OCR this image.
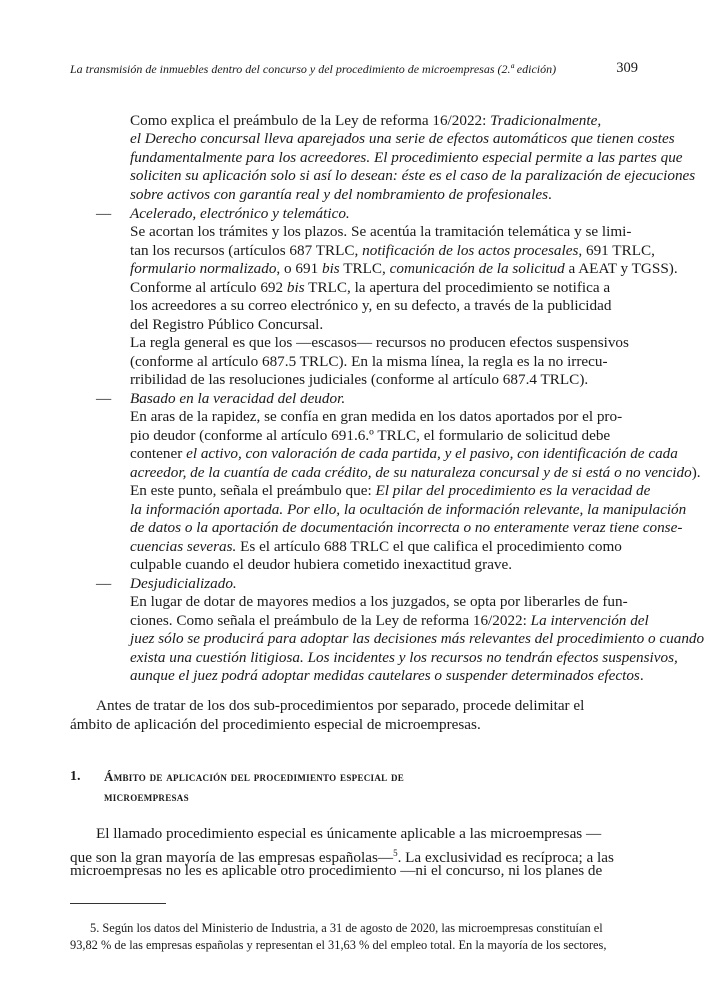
La transmisión de inmuebles dentro del concurso y del procedimiento de microempresas (2.ª edición)	309
Como explica el preámbulo de la Ley de reforma 16/2022: Tradicionalmente,
el Derecho concursal lleva aparejados una serie de efectos automáticos que tienen costes
fundamentalmente para los acreedores. El procedimiento especial permite a las partes que
soliciten su aplicación solo si así lo desean: éste es el caso de la paralización de ejecuciones
sobre activos con garantía real y del nombramiento de profesionales.
— Acelerado, electrónico y telemático.
Se acortan los trámites y los plazos. Se acentúa la tramitación telemática y se limi-
tan los recursos (artículos 687 TRLC, notificación de los actos procesales, 691 TRLC,
formulario normalizado, o 691 bis TRLC, comunicación de la solicitud a AEAT y TGSS).
Conforme al artículo 692 bis TRLC, la apertura del procedimiento se notifica a
los acreedores a su correo electrónico y, en su defecto, a través de la publicidad
del Registro Público Concursal.
La regla general es que los —escasos— recursos no producen efectos suspensivos
(conforme al artículo 687.5 TRLC). En la misma línea, la regla es la no irrecu-
rribilidad de las resoluciones judiciales (conforme al artículo 687.4 TRLC).
— Basado en la veracidad del deudor.
En aras de la rapidez, se confía en gran medida en los datos aportados por el pro-
pio deudor (conforme al artículo 691.6.º TRLC, el formulario de solicitud debe
contener el activo, con valoración de cada partida, y el pasivo, con identificación de cada
acreedor, de la cuantía de cada crédito, de su naturaleza concursal y de si está o no vencido).
En este punto, señala el preámbulo que: El pilar del procedimiento es la veracidad de
la información aportada. Por ello, la ocultación de información relevante, la manipulación
de datos o la aportación de documentación incorrecta o no enteramente veraz tiene conse-
cuencias severas. Es el artículo 688 TRLC el que califica el procedimiento como
culpable cuando el deudor hubiera cometido inexactitud grave.
— Desjudicializado.
En lugar de dotar de mayores medios a los juzgados, se opta por liberarles de fun-
ciones. Como señala el preámbulo de la Ley de reforma 16/2022: La intervención del
juez sólo se producirá para adoptar las decisiones más relevantes del procedimiento o cuando
exista una cuestión litigiosa. Los incidentes y los recursos no tendrán efectos suspensivos,
aunque el juez podrá adoptar medidas cautelares o suspender determinados efectos.
Antes de tratar de los dos sub-procedimientos por separado, procede delimitar el
ámbito de aplicación del procedimiento especial de microempresas.
1. Ámbito de aplicación del procedimiento especial de
microempresas
El llamado procedimiento especial es únicamente aplicable a las microempresas —
que son la gran mayoría de las empresas españolas—$^5$. La exclusividad es recíproca; a las
microempresas no les es aplicable otro procedimiento —ni el concurso, ni los planes de
5. Según los datos del Ministerio de Industria, a 31 de agosto de 2020, las microempresas constituían el
93,82 % de las empresas españolas y representan el 31,63 % del empleo total. En la mayoría de los sectores,
